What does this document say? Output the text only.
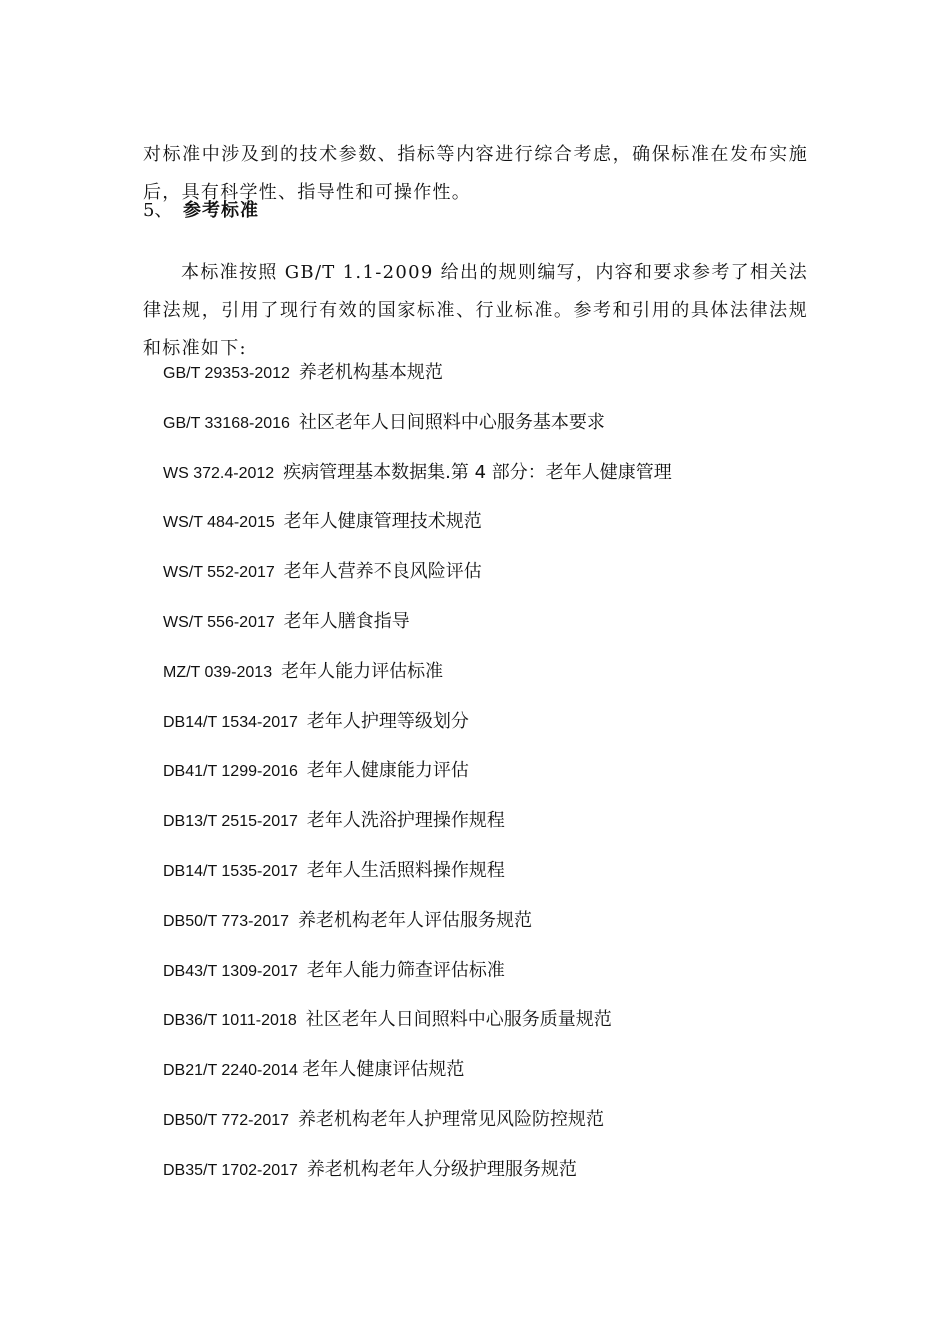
对标准中涉及到的技术参数、指标等内容进行综合考虑，确保标准在发布实施后，具有科学性、指导性和可操作性。

5、 参考标准

本标准按照 GB/T 1.1-2009 给出的规则编写，内容和要求参考了相关法律法规，引用了现行有效的国家标准、行业标准。参考和引用的具体法律法规和标准如下:

GB/T 29353-2012 养老机构基本规范
GB/T 33168-2016 社区老年人日间照料中心服务基本要求
WS 372.4-2012 疾病管理基本数据集.第 4 部分：老年人健康管理
WS/T 484-2015 老年人健康管理技术规范
WS/T 552-2017 老年人营养不良风险评估
WS/T 556-2017 老年人膳食指导
MZ/T 039-2013 老年人能力评估标准
DB14/T 1534-2017 老年人护理等级划分
DB41/T 1299-2016 老年人健康能力评估
DB13/T 2515-2017 老年人洗浴护理操作规程
DB14/T 1535-2017 老年人生活照料操作规程
DB50/T 773-2017 养老机构老年人评估服务规范
DB43/T 1309-2017 老年人能力筛查评估标准
DB36/T 1011-2018 社区老年人日间照料中心服务质量规范
DB21/T 2240-2014 老年人健康评估规范
DB50/T 772-2017 养老机构老年人护理常见风险防控规范
DB35/T 1702-2017 养老机构老年人分级护理服务规范
